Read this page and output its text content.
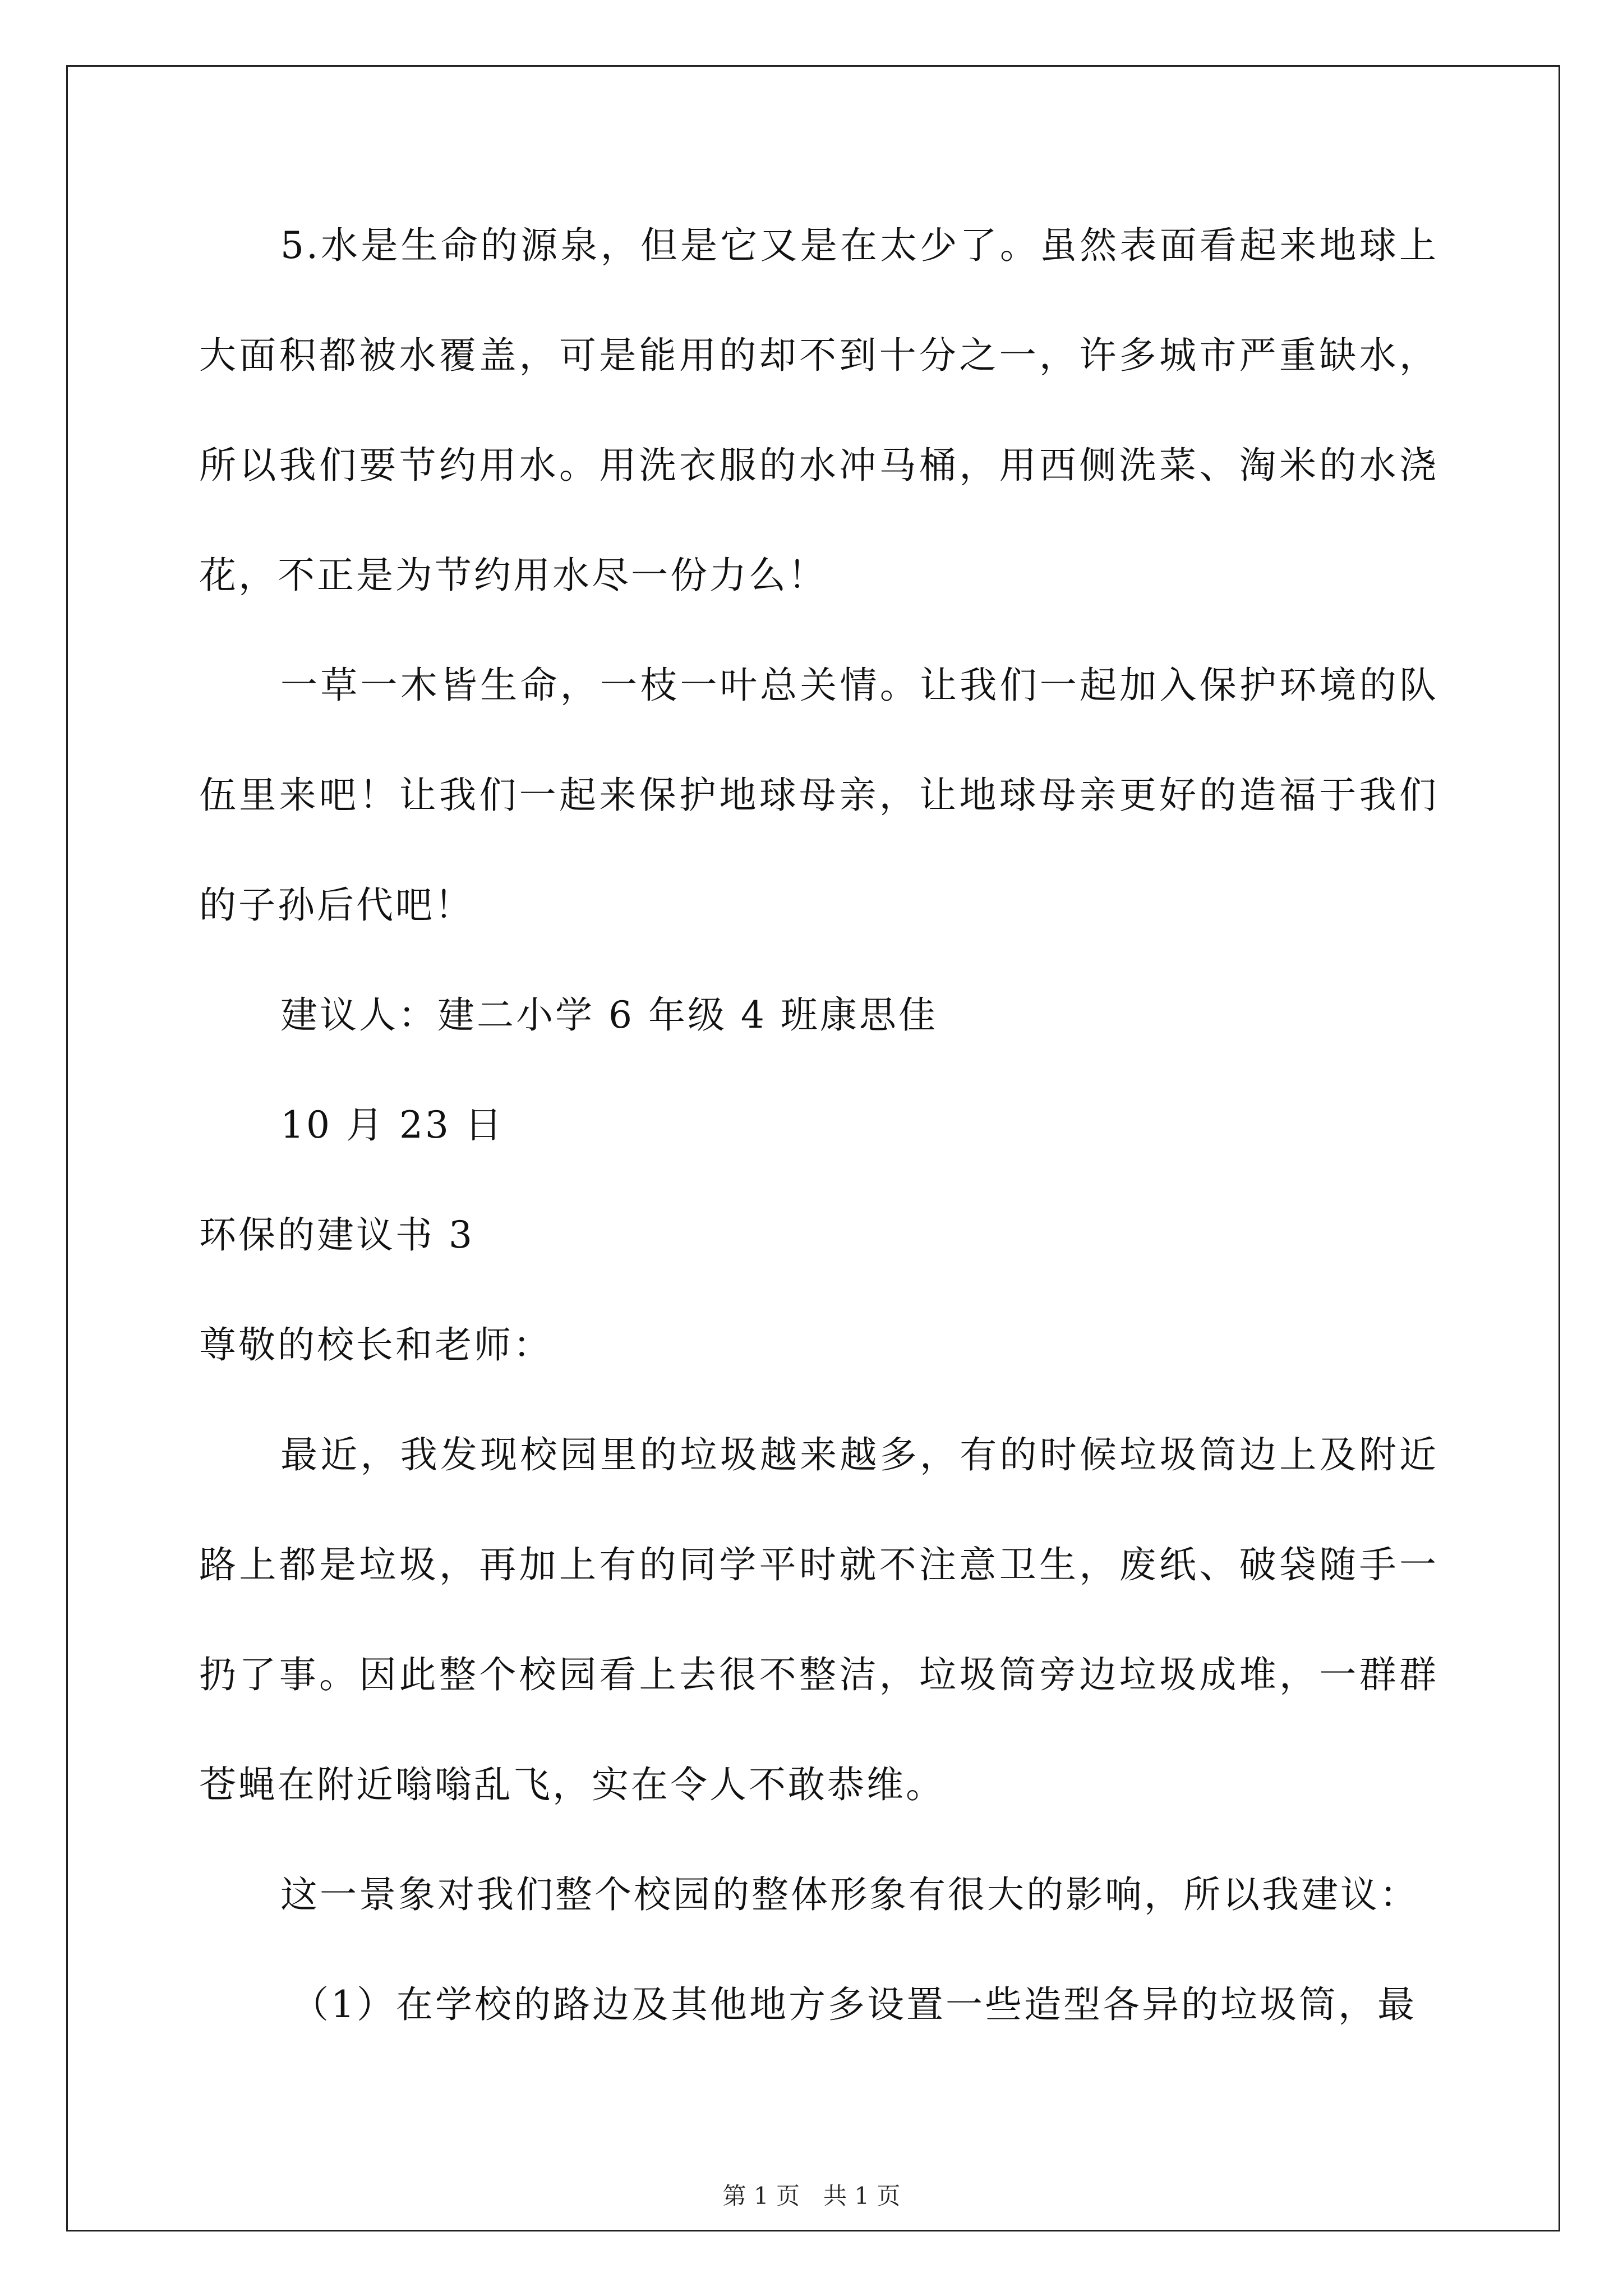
5.水是生命的源泉，但是它又是在太少了。虽然表面看起来地球上大面积都被水覆盖，可是能用的却不到十分之一，许多城市严重缺水，所以我们要节约用水。用洗衣服的水冲马桶，用西侧洗菜、淘米的水浇花，不正是为节约用水尽一份力么！

一草一木皆生命，一枝一叶总关情。让我们一起加入保护环境的队伍里来吧！让我们一起来保护地球母亲，让地球母亲更好的造福于我们的子孙后代吧！

建议人：建二小学 6 年级 4 班康思佳

10 月 23 日

环保的建议书 3

尊敬的校长和老师：

最近，我发现校园里的垃圾越来越多，有的时候垃圾筒边上及附近路上都是垃圾，再加上有的同学平时就不注意卫生，废纸、破袋随手一扔了事。因此整个校园看上去很不整洁，垃圾筒旁边垃圾成堆，一群群苍蝇在附近嗡嗡乱飞，实在令人不敢恭维。

这一景象对我们整个校园的整体形象有很大的影响，所以我建议：

（1）在学校的路边及其他地方多设置一些造型各异的垃圾筒，最

第 1 页　共 1 页
